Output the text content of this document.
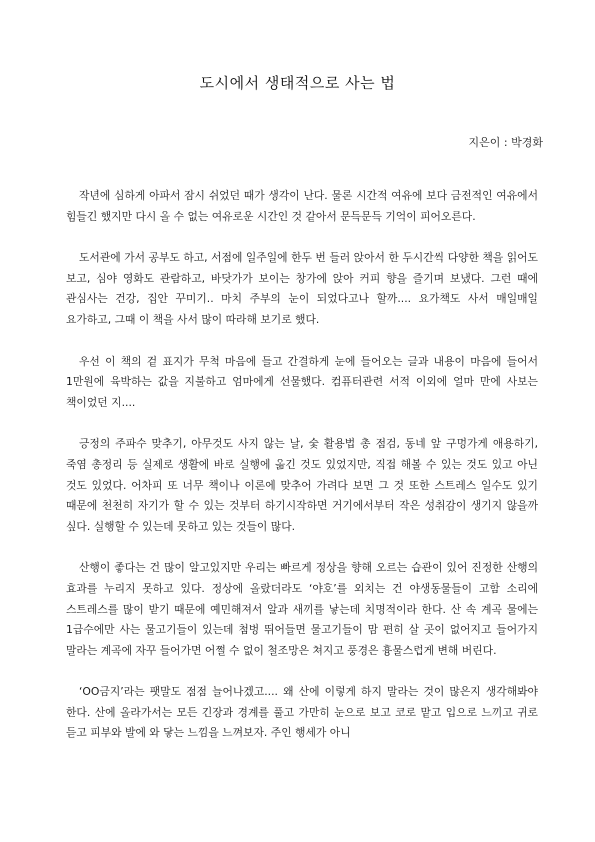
도시에서 생태적으로 사는 법
지은이 : 박경화

작년에 심하게 아파서 잠시 쉬었던 때가 생각이 난다. 물론 시간적 여유에 보다 금전적인 여유에서 힘들긴 했지만 다시 올 수 없는 여유로운 시간인 것 같아서 문득문득 기억이 피어오른다.

도서관에 가서 공부도 하고, 서점에 일주일에 한두 번 들러 앉아서 한 두시간씩 다양한 책을 읽어도 보고, 심야 영화도 관람하고, 바닷가가 보이는 창가에 앉아 커피 향을 즐기며 보냈다. 그런 때에 관심사는 건강, 집안 꾸미기.. 마치 주부의 눈이 되었다고나 할까.... 요가책도 사서 매일매일 요가하고, 그때 이 책을 사서 많이 따라해 보기로 했다.

우선 이 책의 겉 표지가 무척 마음에 들고 간결하게 눈에 들어오는 글과 내용이 마음에 들어서 1만원에 육박하는 값을 지불하고 엄마에게 선물했다. 컴퓨터관련 서적 이외에 얼마 만에 사보는 책이었던 지....

긍정의 주파수 맞추기, 아무것도 사지 않는 날, 숯 활용법 총 점검, 동네 앞 구멍가게 애용하기, 죽염 총정리 등 실제로 생활에 바로 실행에 옮긴 것도 있었지만, 직접 해볼 수 있는 것도 있고 아닌 것도 있었다. 어차피 또 너무 책이나 이론에 맞추어 가려다 보면 그 것 또한 스트레스 일수도 있기 때문에 천천히 자기가 할 수 있는 것부터 하기시작하면 거기에서부터 작은 성취감이 생기지 않을까 싶다. 실행할 수 있는데 못하고 있는 것들이 많다.

산행이 좋다는 건 많이 알고있지만 우리는 빠르게 정상을 향해 오르는 습관이 있어 진정한 산행의 효과를 누리지 못하고 있다. 정상에 올랐더라도 ‘야호’를 외치는 건 야생동물들이 고함 소리에 스트레스를 많이 받기 때문에 예민해져서 알과 새끼를 낳는데 치명적이라 한다. 산 속 계곡 물에는 1급수에만 사는 물고기들이 있는데 첨벙 뛰어들면 물고기들이 맘 편히 살 곳이 없어지고 들어가지 말라는 계곡에 자꾸 들어가면 어쩔 수 없이 철조망은 쳐지고 풍경은 흉물스럽게 변해 버린다.

‘OO금지’라는 팻말도 점점 늘어나겠고.... 왜 산에 이렇게 하지 말라는 것이 많은지 생각해봐야 한다. 산에 올라가서는 모든 긴장과 경계를 풀고 가만히 눈으로 보고 코로 맡고 입으로 느끼고 귀로 듣고 피부와 발에 와 닿는 느낌을 느껴보자. 주인 행세가 아니
